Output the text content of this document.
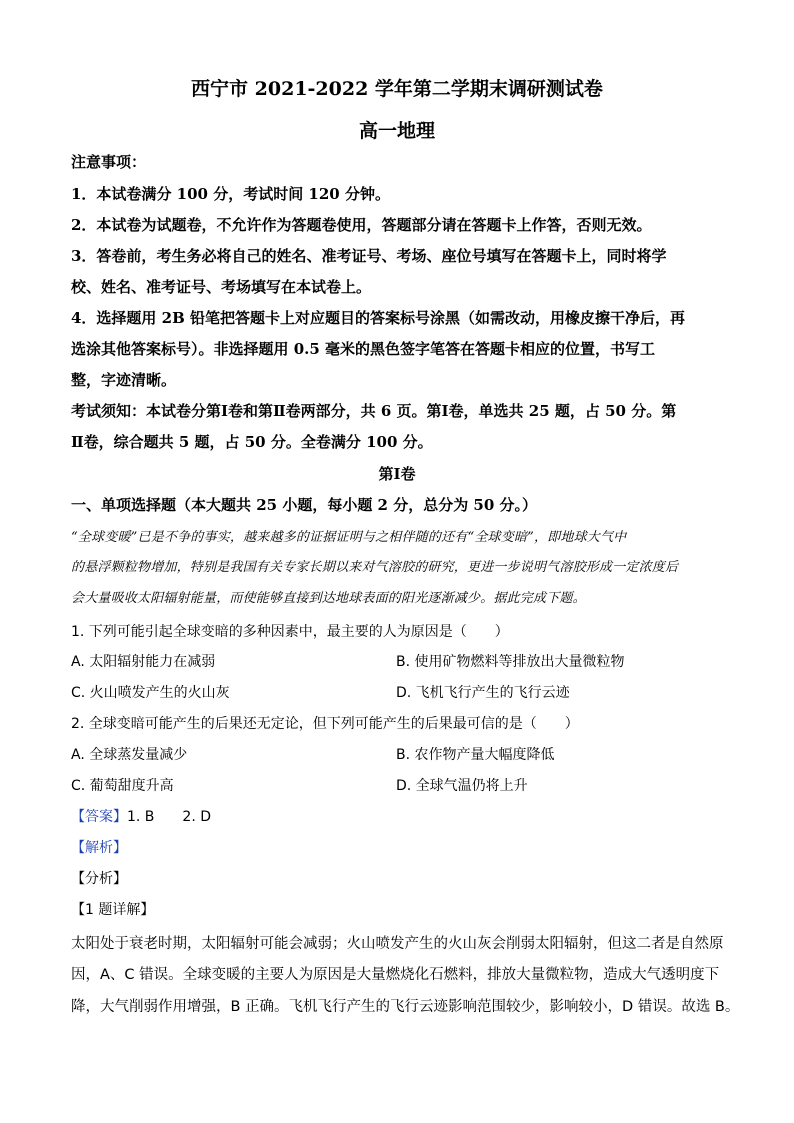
西宁市 2021-2022 学年第二学期末调研测试卷
高一地理
注意事项：
1．本试卷满分 100 分，考试时间 120 分钟。
2．本试卷为试题卷，不允许作为答题卷使用，答题部分请在答题卡上作答，否则无效。
3．答卷前，考生务必将自己的姓名、准考证号、考场、座位号填写在答题卡上，同时将学
校、姓名、准考证号、考场填写在本试卷上。
4．选择题用 2B 铅笔把答题卡上对应题目的答案标号涂黑（如需改动，用橡皮擦干净后，再
选涂其他答案标号）。非选择题用 0.5 毫米的黑色签字笔答在答题卡相应的位置，书写工
整，字迹清晰。
考试须知：本试卷分第Ⅰ卷和第Ⅱ卷两部分，共 6 页。第Ⅰ卷，单选共 25 题，占 50 分。第
Ⅱ卷，综合题共 5 题，占 50 分。全卷满分 100 分。
第Ⅰ卷
一、单项选择题（本大题共 25 小题，每小题 2 分，总分为 50 分。）
“全球变暖”已是不争的事实，越来越多的证据证明与之相伴随的还有“全球变暗”，即地球大气中
的悬浮颗粒物增加，特别是我国有关专家长期以来对气溶胶的研究，更进一步说明气溶胶形成一定浓度后
会大量吸收太阳辐射能量，而使能够直接到达地球表面的阳光逐渐减少。据此完成下题。
1. 下列可能引起全球变暗的多种因素中，最主要的人为原因是（　　）
A. 太阳辐射能力在减弱	B. 使用矿物燃料等排放出大量微粒物
C. 火山喷发产生的火山灰	D. 飞机飞行产生的飞行云迹
2. 全球变暗可能产生的后果还无定论，但下列可能产生的后果最可信的是（　　）
A. 全球蒸发量减少	B. 农作物产量大幅度降低
C. 葡萄甜度升高	D. 全球气温仍将上升
【答案】1. B　　2. D
【解析】
【分析】
【1 题详解】
太阳处于衰老时期，太阳辐射可能会减弱；火山喷发产生的火山灰会削弱太阳辐射，但这二者是自然原
因，A、C 错误。全球变暖的主要人为原因是大量燃烧化石燃料，排放大量微粒物，造成大气透明度下
降，大气削弱作用增强，B 正确。飞机飞行产生的飞行云迹影响范围较少，影响较小，D 错误。故选 B。
